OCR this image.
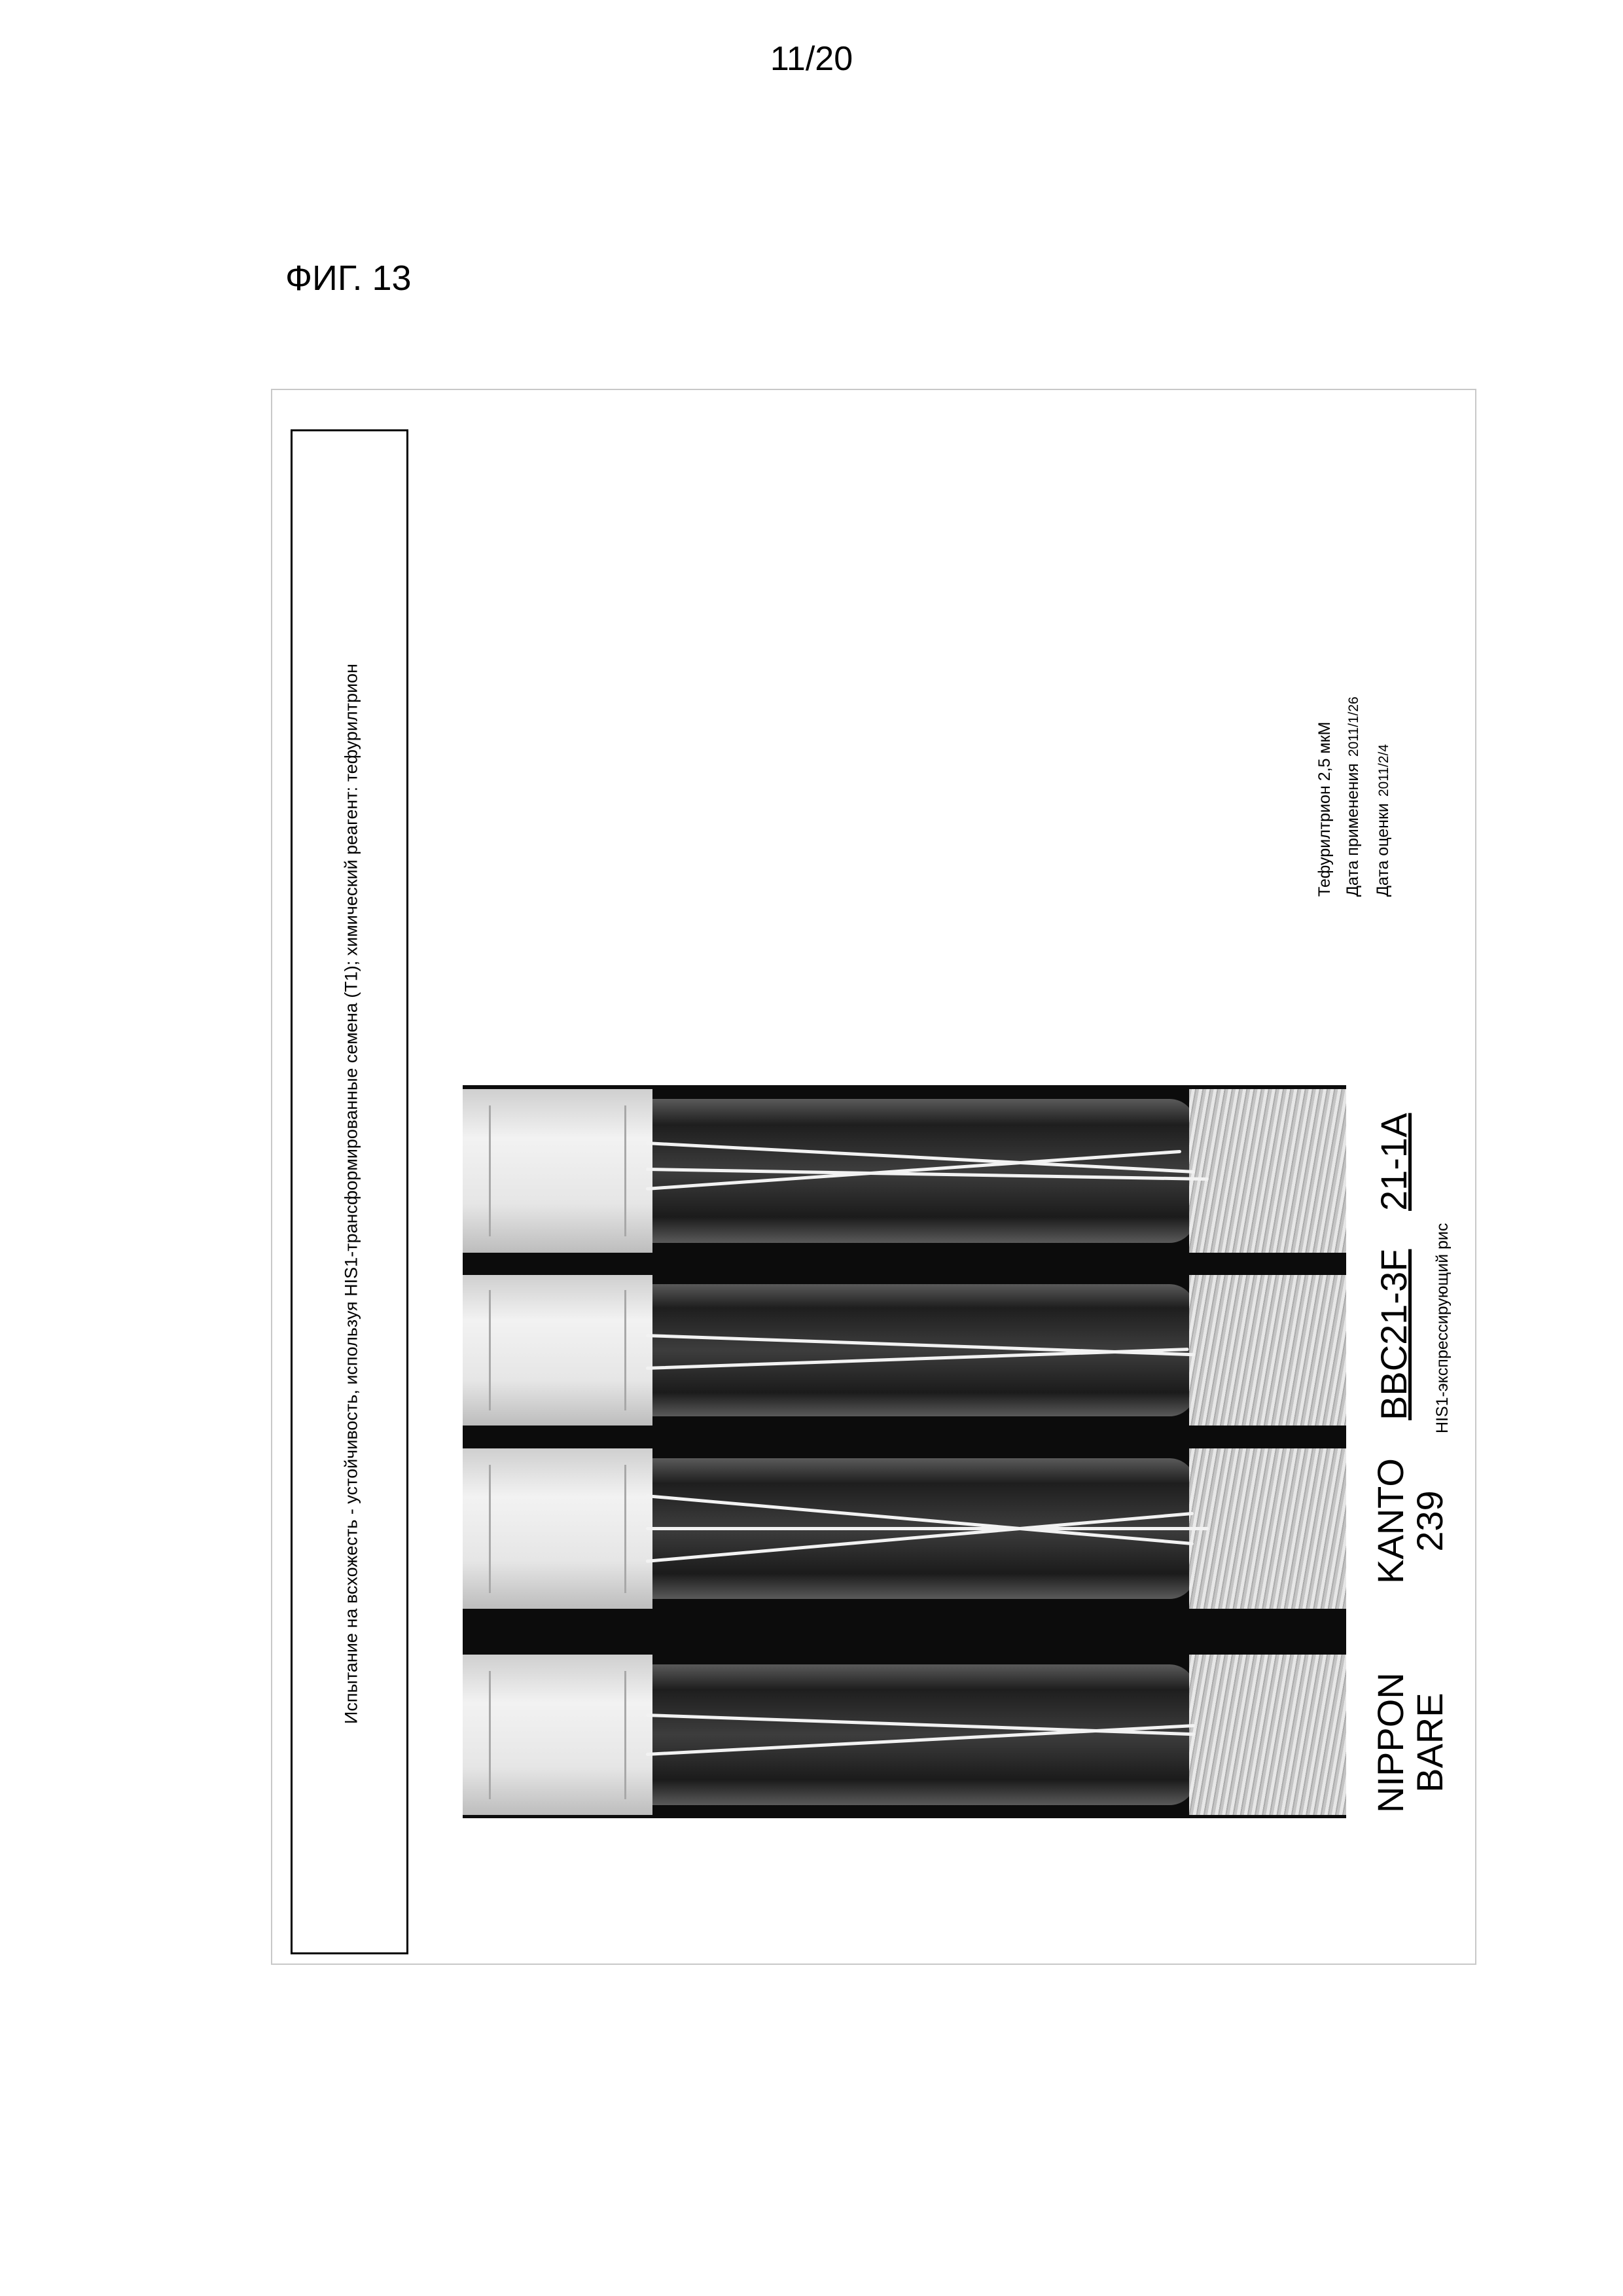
11/20
ФИГ. 13
Испытание на всхожесть - устойчивость, используя HIS1-трансформированные семена (Т1); химический реагент: тефурилтрион	Тефурилтрион 2,5 мкМ Дата применения2011/1/26
Дата оценки2011/2/4
NIPPON
BARE
KANTO
239
BBC21-3F
21-1A
HIS1-экспрессирующий рис
